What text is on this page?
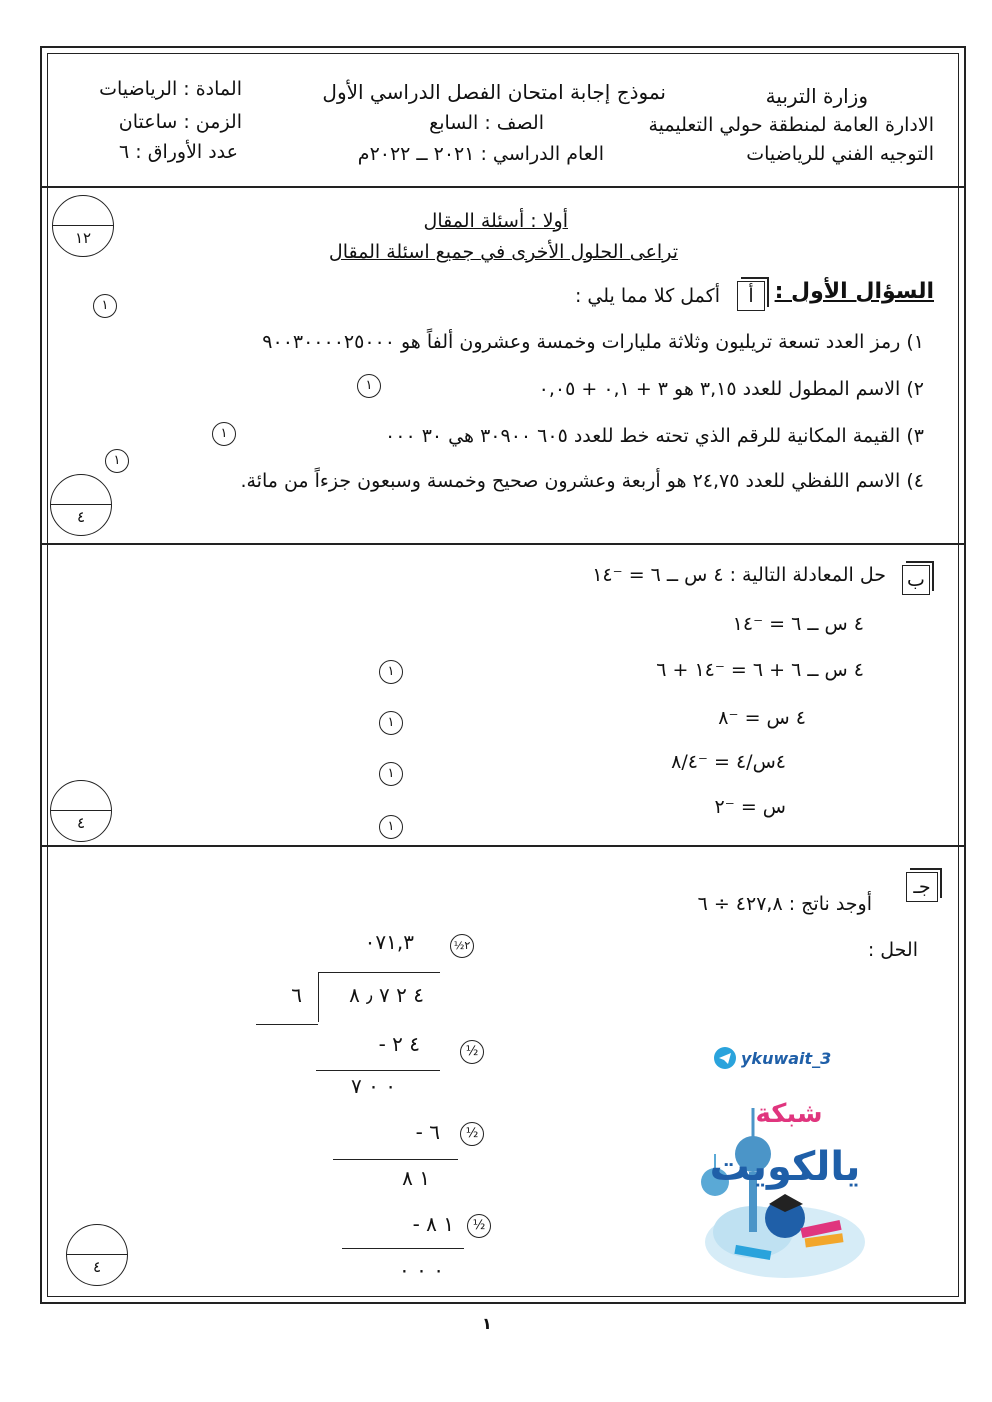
وزارة التربية
الادارة العامة لمنطقة حولي التعليمية
التوجيه الفني للرياضيات
نموذج إجابة امتحان الفصل الدراسي الأول
الصف : السابع
العام الدراسي : ٢٠٢١ ــ ٢٠٢٢م
المادة : الرياضيات
الزمن : ساعتان
عدد الأوراق : ٦
أولا : أسئلة المقال
تراعى الحلول الأخرى في جميع اسئلة المقال
١٢
السؤال الأول :
أ
أكمل كلا مما يلي :
١
١) رمز العدد تسعة تريليون وثلاثة مليارات وخمسة وعشرون ألفاً هو ٩٠٠٣٠٠٠٠٢٥٠٠٠
٢) الاسم المطول للعدد ٣,١٥ هو ٣ + ٠,١ + ٠,٠٥
١
٣) القيمة المكانية للرقم الذي تحته خط للعدد ٦٠٥ ٣٠٩٠٠ هي ٣٠ ٠٠٠
١
١
٤) الاسم اللفظي للعدد ٢٤,٧٥ هو أربعة وعشرون صحيح وخمسة وسبعون جزءاً من مائة.
٤
ب
حل المعادلة التالية : ٤ س ــ ٦ = ⁻١٤
٤ س ــ ٦ = ⁻١٤
٤ س ــ ٦ + ٦ = ⁻١٤ + ٦
٤ س = ⁻٨
٤س/٤ = ⁻٨/٤
س = ⁻٢
١
١
١
١
٤
جـ
أوجد ناتج : ٤٢٧,٨ ÷ ٦
الحل :
٠٧١,٣	٢½
٦ ٤ ٢ ٧ ٫ ٨
٤ ٢ -	½
٠ ٠ ٧
٦ -	½
١ ٨
١ ٨ -	½
٠ ٠ ٠
٤
ykuwait_3
شبكة
يالكويت
١
